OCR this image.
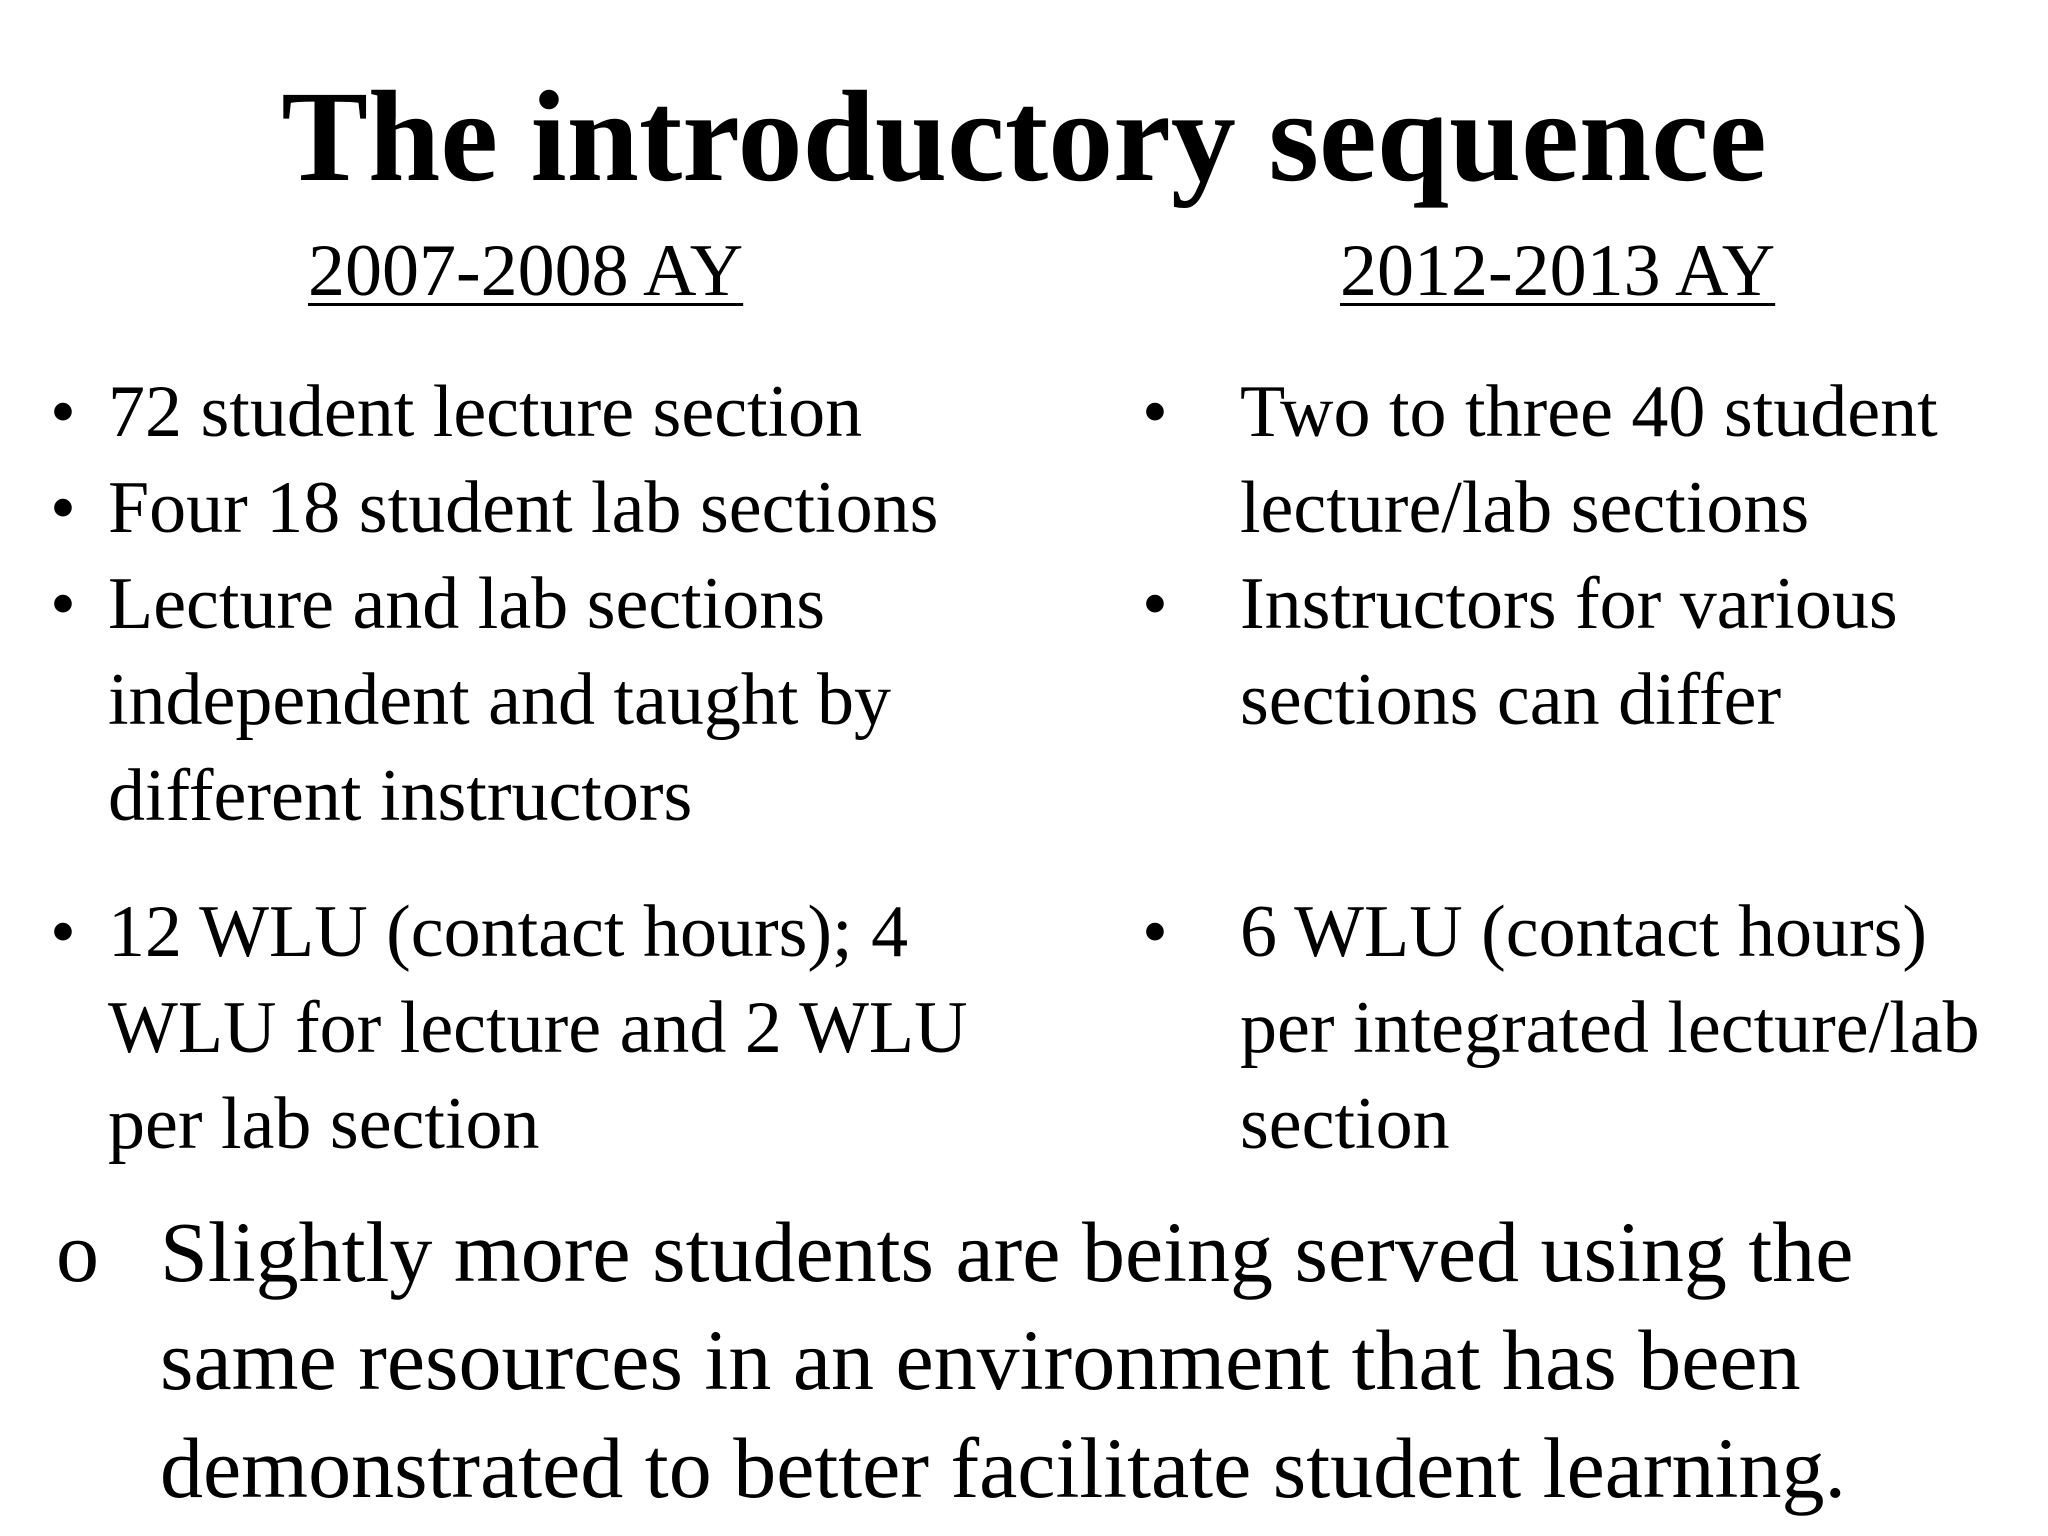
The introductory sequence
2007-2008 AY	2012-2013 AY
• 72 student lecture section
• Four 18 student lab sections
• Lecture and lab sections independent and taught by different instructors
• 12 WLU (contact hours); 4 WLU for lecture and 2 WLU per lab section
• Two to three 40 student lecture/lab sections
• Instructors for various sections can differ
• 6 WLU (contact hours) per integrated lecture/lab section
o Slightly more students are being served using the same resources in an environment that has been demonstrated to better facilitate student learning.
